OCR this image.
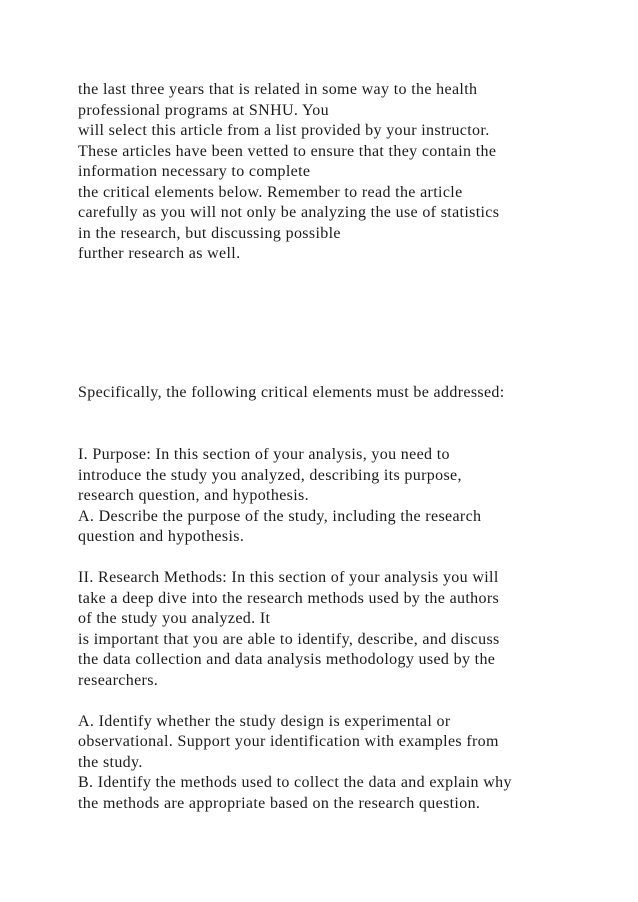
the last three years that is related in some way to the health
professional programs at SNHU. You
will select this article from a list provided by your instructor.
These articles have been vetted to ensure that they contain the
information necessary to complete
the critical elements below. Remember to read the article
carefully as you will not only be analyzing the use of statistics
in the research, but discussing possible
further research as well.
Specifically, the following critical elements must be addressed:
I. Purpose: In this section of your analysis, you need to
introduce the study you analyzed, describing its purpose,
research question, and hypothesis.
A. Describe the purpose of the study, including the research
question and hypothesis.
II. Research Methods: In this section of your analysis you will
take a deep dive into the research methods used by the authors
of the study you analyzed. It
is important that you are able to identify, describe, and discuss
the data collection and data analysis methodology used by the
researchers.
A. Identify whether the study design is experimental or
observational. Support your identification with examples from
the study.
B. Identify the methods used to collect the data and explain why
the methods are appropriate based on the research question.
